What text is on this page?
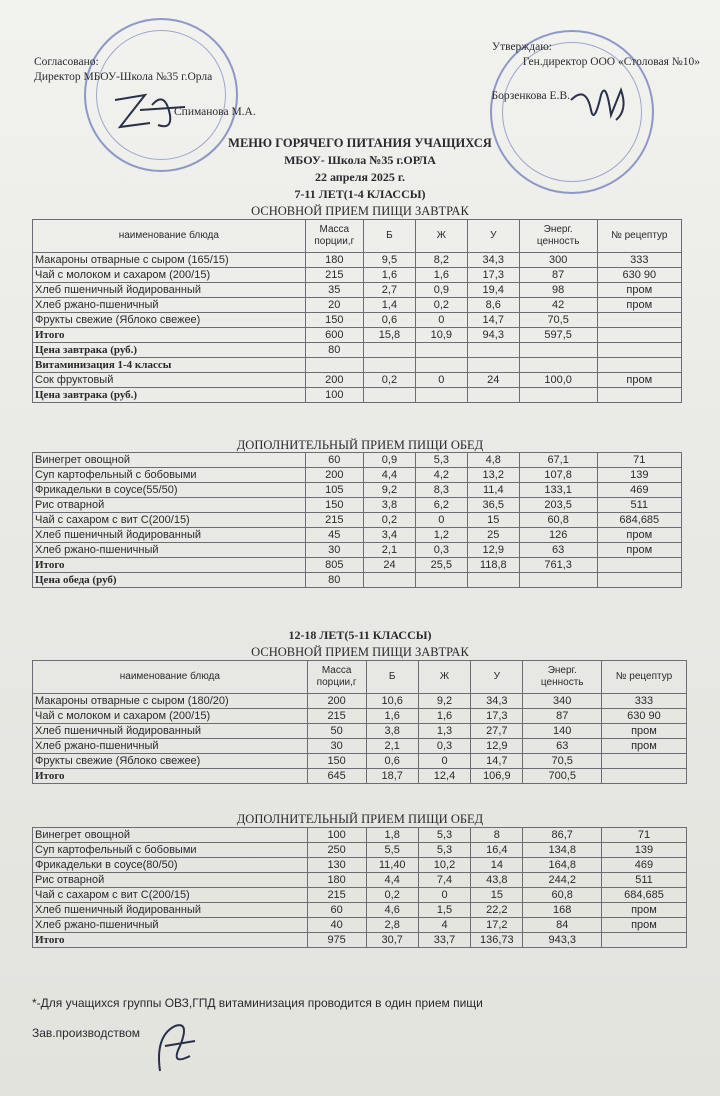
Согласовано:
Директор МБОУ-Школа №35 г.Орла
Спиманова М.А.
Утверждаю:
Ген.директор ООО «Столовая №10»
Борзенкова Е.В.
МЕНЮ ГОРЯЧЕГО ПИТАНИЯ УЧАЩИХСЯ
МБОУ- Школа №35 г.ОРЛА
22 апреля 2025 г.
7-11 ЛЕТ(1-4 КЛАССЫ)
ОСНОВНОЙ ПРИЕМ ПИЩИ ЗАВТРАК
наименование блюда	Масса порции,г	Б	Ж	У	Энерг. ценность	№ рецептур
Макароны отварные с сыром (165/15)	180	9,5	8,2	34,3	300	333
Чай с молоком и сахаром (200/15)	215	1,6	1,6	17,3	87	630 90
Хлеб пшеничный йодированный	35	2,7	0,9	19,4	98	пром
Хлеб ржано-пшеничный	20	1,4	0,2	8,6	42	пром
Фрукты свежие (Яблоко свежее)	150	0,6	0	14,7	70,5	
Итого	600	15,8	10,9	94,3	597,5	
Цена завтрака (руб.)	80					
Витаминизация 1-4 классы						
Сок фруктовый	200	0,2	0	24	100,0	пром
Цена завтрака (руб.)	100					
ДОПОЛНИТЕЛЬНЫЙ ПРИЕМ ПИЩИ ОБЕД
Винегрет овощной	60	0,9	5,3	4,8	67,1	71
Суп картофельный с бобовыми	200	4,4	4,2	13,2	107,8	139
Фрикадельки в соусе(55/50)	105	9,2	8,3	11,4	133,1	469
Рис отварной	150	3,8	6,2	36,5	203,5	511
Чай с сахаром с вит С(200/15)	215	0,2	0	15	60,8	684,685
Хлеб пшеничный йодированный	45	3,4	1,2	25	126	пром
Хлеб ржано-пшеничный	30	2,1	0,3	12,9	63	пром
Итого	805	24	25,5	118,8	761,3	
Цена обеда (руб)	80					
12-18 ЛЕТ(5-11 КЛАССЫ)
ОСНОВНОЙ ПРИЕМ ПИЩИ ЗАВТРАК
наименование блюда	Масса порции,г	Б	Ж	У	Энерг. ценность	№ рецептур
Макароны отварные с сыром (180/20)	200	10,6	9,2	34,3	340	333
Чай с молоком и сахаром (200/15)	215	1,6	1,6	17,3	87	630 90
Хлеб пшеничный йодированный	50	3,8	1,3	27,7	140	пром
Хлеб ржано-пшеничный	30	2,1	0,3	12,9	63	пром
Фрукты свежие (Яблоко свежее)	150	0,6	0	14,7	70,5	
Итого	645	18,7	12,4	106,9	700,5	
ДОПОЛНИТЕЛЬНЫЙ ПРИЕМ ПИЩИ ОБЕД
Винегрет овощной	100	1,8	5,3	8	86,7	71
Суп картофельный с бобовыми	250	5,5	5,3	16,4	134,8	139
Фрикадельки в соусе(80/50)	130	11,40	10,2	14	164,8	469
Рис отварной	180	4,4	7,4	43,8	244,2	511
Чай с сахаром с вит С(200/15)	215	0,2	0	15	60,8	684,685
Хлеб пшеничный йодированный	60	4,6	1,5	22,2	168	пром
Хлеб ржано-пшеничный	40	2,8	4	17,2	84	пром
Итого	975	30,7	33,7	136,73	943,3	
*-Для учащихся группы ОВЗ,ГПД витаминизация проводится в один прием пищи
Зав.производством
